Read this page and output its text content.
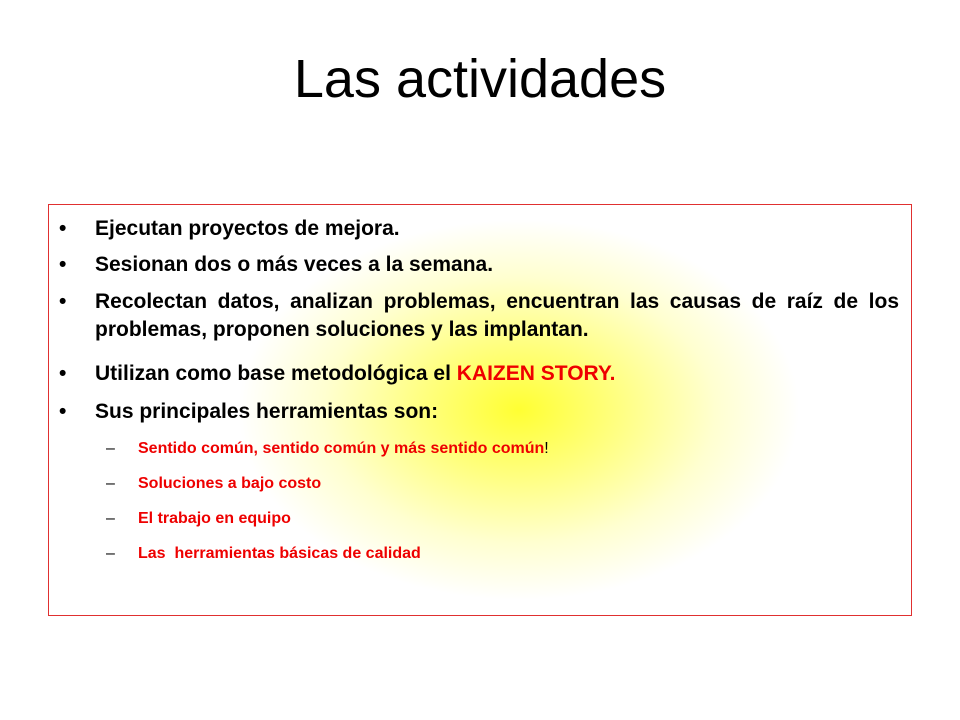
Las actividades
• Ejecutan proyectos de mejora.
• Sesionan dos o más veces a la semana.
• Recolectan datos, analizan problemas, encuentran las causas de raíz de los problemas, proponen soluciones y las implantan.
• Utilizan como base metodológica el KAIZEN STORY.
• Sus principales herramientas son:
– Sentido común, sentido común y más sentido común!
– Soluciones a bajo costo
– El trabajo en equipo
– Las  herramientas básicas de calidad
